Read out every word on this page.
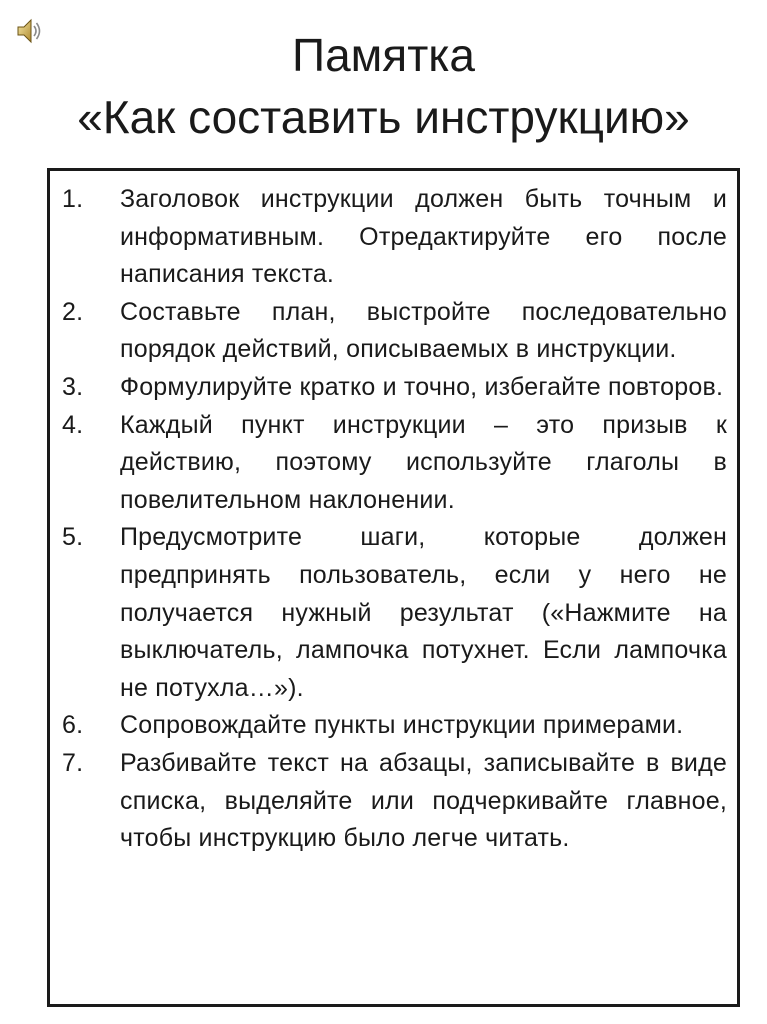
Памятка
«Как составить инструкцию»
1.	Заголовок инструкции должен быть точным и информативным. Отредактируйте его после написания текста.
2.	Составьте план, выстройте последовательно порядок действий, описываемых в инструкции.
3.	Формулируйте кратко и точно, избегайте повторов.
4.	Каждый пункт инструкции – это призыв к действию, поэтому используйте глаголы в повелительном наклонении.
5.	Предусмотрите шаги, которые должен предпринять пользователь, если у него не получается нужный результат («Нажмите на выключатель, лампочка потухнет. Если лампочка не потухла…»).
6.	Сопровождайте пункты инструкции примерами.
7.	Разбивайте текст на абзацы, записывайте в виде списка, выделяйте или подчеркивайте главное, чтобы инструкцию было легче читать.
